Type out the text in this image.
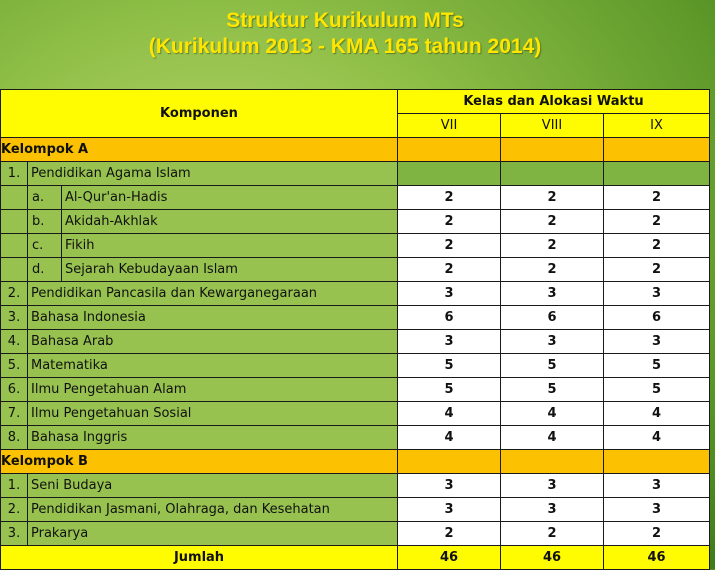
Struktur Kurikulum MTs
(Kurikulum 2013 - KMA 165 tahun 2014)
Komponen			Kelas dan Alokasi Waktu		
			VII	VIII	IX
Kelompok A					
1.	Pendidikan Agama Islam				
	a.	Al-Qur'an-Hadis	2	2	2
	b.	Akidah-Akhlak	2	2	2
	c.	Fikih	2	2	2
	d.	Sejarah Kebudayaan Islam	2	2	2
2.	Pendidikan Pancasila dan Kewarganegaraan		3	3	3
3.	Bahasa Indonesia		6	6	6
4.	Bahasa Arab		3	3	3
5.	Matematika		5	5	5
6.	Ilmu Pengetahuan Alam		5	5	5
7.	Ilmu Pengetahuan Sosial		4	4	4
8.	Bahasa Inggris		4	4	4
Kelompok B					
1.	Seni Budaya		3	3	3
2.	Pendidikan Jasmani, Olahraga, dan Kesehatan		3	3	3
3.	Prakarya		2	2	2
Jumlah			46	46	46
